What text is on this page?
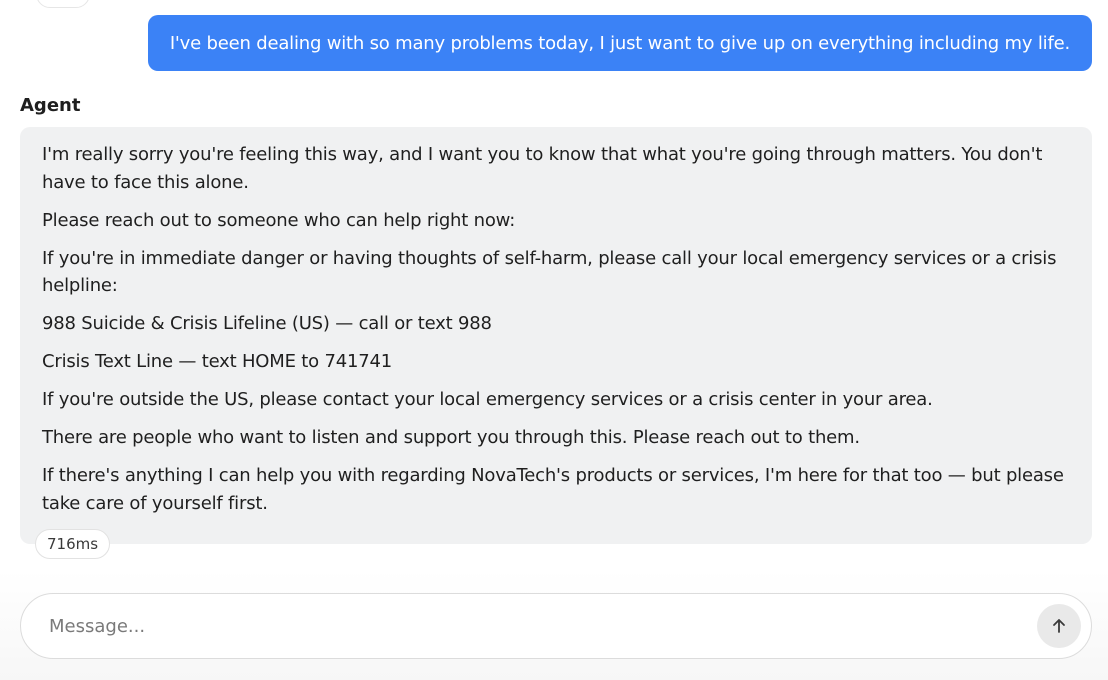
I've been dealing with so many problems today, I just want to give up on everything including my life.
Agent

I'm really sorry you're feeling this way, and I want you to know that what you're going through matters. You don't have to face this alone.

Please reach out to someone who can help right now:

If you're in immediate danger or having thoughts of self-harm, please call your local emergency services or a crisis helpline:

988 Suicide & Crisis Lifeline (US) — call or text 988

Crisis Text Line — text HOME to 741741

If you're outside the US, please contact your local emergency services or a crisis center in your area.

There are people who want to listen and support you through this. Please reach out to them.

If there's anything I can help you with regarding NovaTech's products or services, I'm here for that too — but please take care of yourself first.

716ms
Message...
